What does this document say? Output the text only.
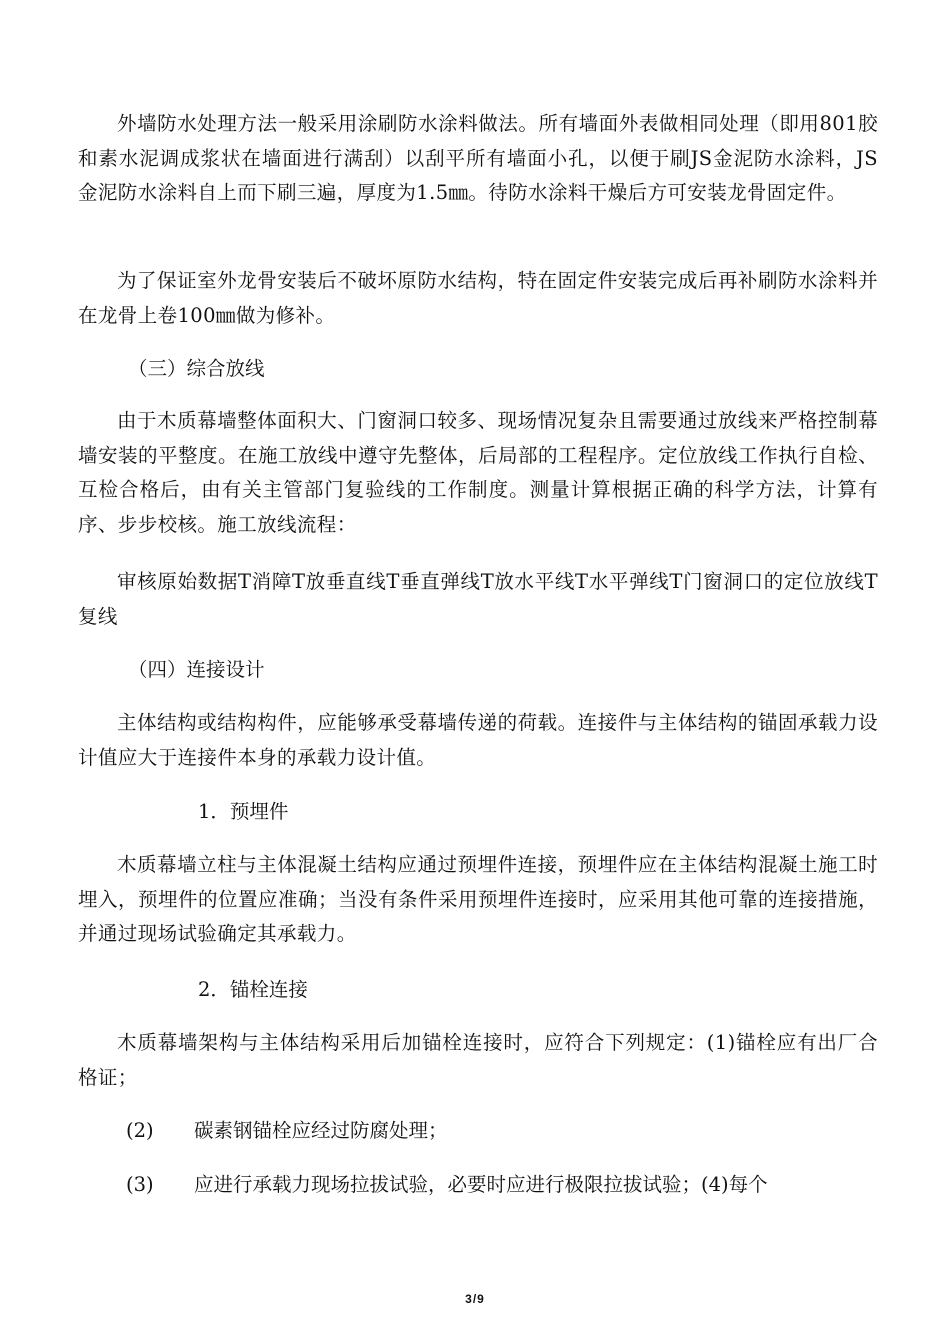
外墙防水处理方法一般采用涂刷防水涂料做法。所有墙面外表做相同处理（即用801胶和素水泥调成浆状在墙面进行满刮）以刮平所有墙面小孔，以便于刷JS金泥防水涂料，JS金泥防水涂料自上而下刷三遍，厚度为1.5㎜。待防水涂料干燥后方可安装龙骨固定件。

为了保证室外龙骨安装后不破坏原防水结构，特在固定件安装完成后再补刷防水涂料并在龙骨上卷100㎜做为修补。

（三）综合放线

由于木质幕墙整体面积大、门窗洞口较多、现场情况复杂且需要通过放线来严格控制幕墙安装的平整度。在施工放线中遵守先整体，后局部的工程程序。定位放线工作执行自检、互检合格后，由有关主管部门复验线的工作制度。测量计算根据正确的科学方法，计算有序、步步校核。施工放线流程：

审核原始数据T消障T放垂直线T垂直弹线T放水平线T水平弹线T门窗洞口的定位放线T复线

（四）连接设计

主体结构或结构构件，应能够承受幕墙传递的荷载。连接件与主体结构的锚固承载力设计值应大于连接件本身的承载力设计值。

1．预埋件

木质幕墙立柱与主体混凝土结构应通过预埋件连接，预埋件应在主体结构混凝土施工时埋入，预埋件的位置应准确；当没有条件采用预埋件连接时，应采用其他可靠的连接措施，并通过现场试验确定其承载力。

2．锚栓连接

木质幕墙架构与主体结构采用后加锚栓连接时，应符合下列规定：(1)锚栓应有出厂合格证；

(2) 碳素钢锚栓应经过防腐处理；

(3) 应进行承载力现场拉拔试验，必要时应进行极限拉拔试验；(4)每个

3/9
